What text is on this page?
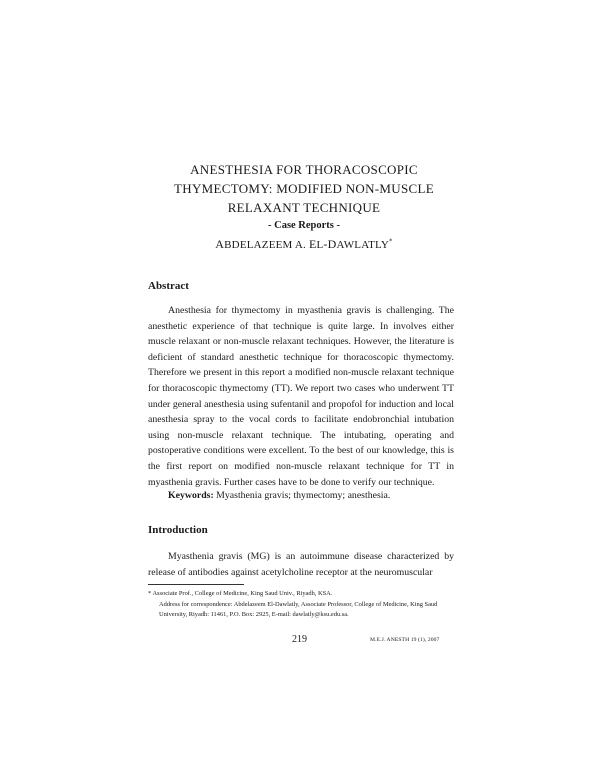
ANESTHESIA FOR THORACOSCOPIC
THYMECTOMY: MODIFIED NON-MUSCLE
RELAXANT TECHNIQUE
- Case Reports -
ABDELAZEEM A. EL-DAWLATLY*
Abstract

Anesthesia for thymectomy in myasthenia gravis is challenging. The anesthetic experience of that technique is quite large. In involves either muscle relaxant or non-muscle relaxant techniques. However, the literature is deficient of standard anesthetic technique for thoracoscopic thymectomy. Therefore we present in this report a modified non-muscle relaxant technique for thoracoscopic thymectomy (TT). We report two cases who underwent TT under general anesthesia using sufentanil and propofol for induction and local anesthesia spray to the vocal cords to facilitate endobronchial intubation using non-muscle relaxant technique. The intubating, operating and postoperative conditions were excellent. To the best of our knowledge, this is the first report on modified non-muscle relaxant technique for TT in myasthenia gravis. Further cases have to be done to verify our technique.

Keywords: Myasthenia gravis; thymectomy; anesthesia.
Introduction

Myasthenia gravis (MG) is an autoimmune disease characterized by release of antibodies against acetylcholine receptor at the neuromuscular

* Associate Prof., College of Medicine, King Saud Univ., Riyadh, KSA.
Address for correspondence: Abdelazeem El-Dawlatly, Associate Professor, College of Medicine, King Saud University, Riyadh: 11461, P.O. Box: 2925, E-mail: dawlatly@ksu.edu.sa.
219	M.E.J. ANESTH 19 (1), 2007
